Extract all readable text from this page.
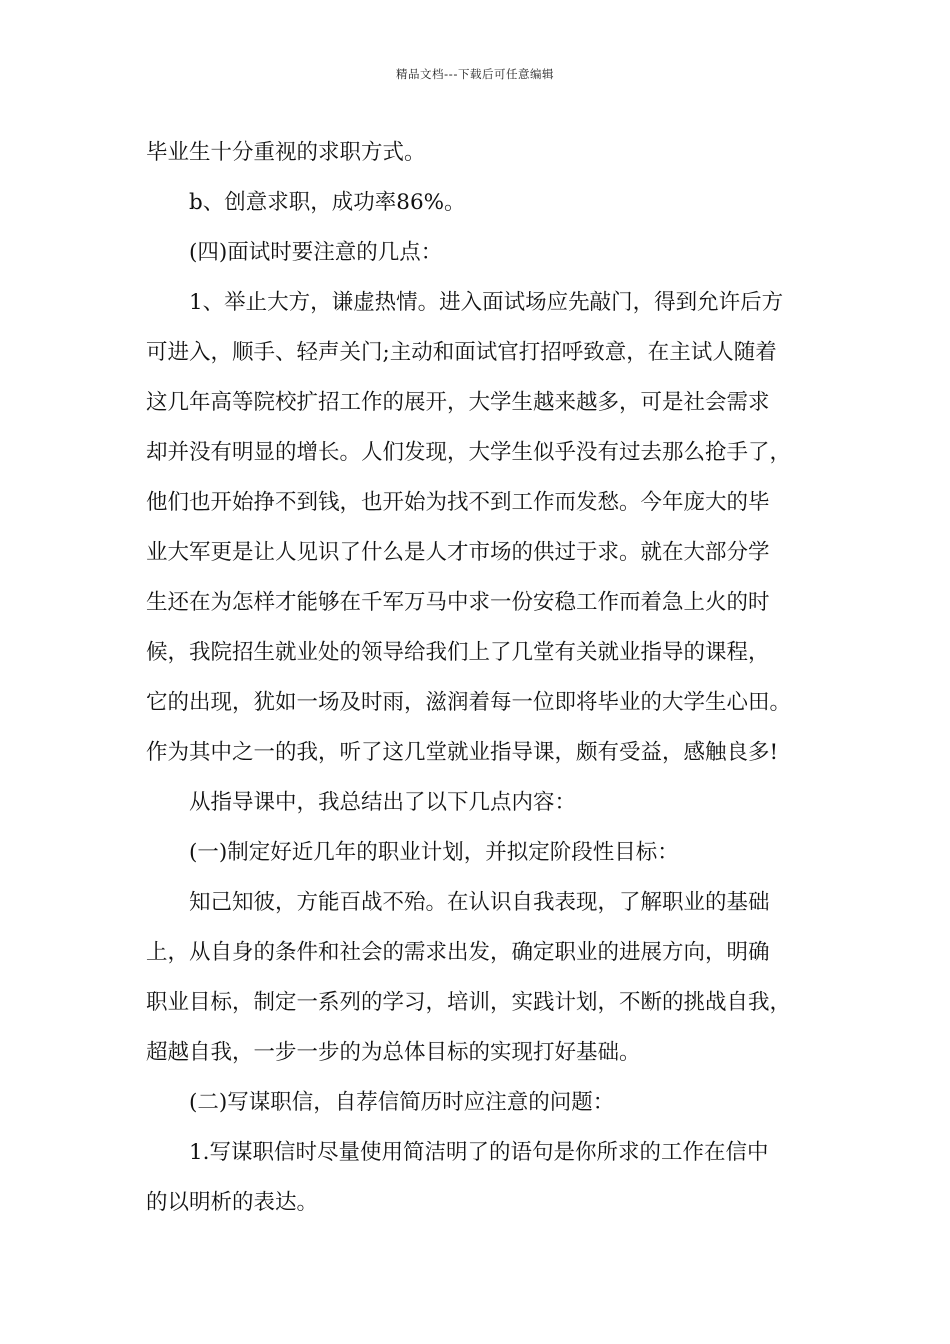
精品文档---下载后可任意编辑
毕业生十分重视的求职方式。
b、创意求职，成功率86%。
(四)面试时要注意的几点：
1、举止大方，谦虚热情。进入面试场应先敲门，得到允许后方
可进入，顺手、轻声关门;主动和面试官打招呼致意，在主试人随着
这几年高等院校扩招工作的展开，大学生越来越多，可是社会需求
却并没有明显的增长。人们发现，大学生似乎没有过去那么抢手了，
他们也开始挣不到钱，也开始为找不到工作而发愁。今年庞大的毕
业大军更是让人见识了什么是人才市场的供过于求。就在大部分学
生还在为怎样才能够在千军万马中求一份安稳工作而着急上火的时
候，我院招生就业处的领导给我们上了几堂有关就业指导的课程，
它的出现，犹如一场及时雨，滋润着每一位即将毕业的大学生心田。
作为其中之一的我，听了这几堂就业指导课，颇有受益，感触良多!
从指导课中，我总结出了以下几点内容：
(一)制定好近几年的职业计划，并拟定阶段性目标：
知己知彼，方能百战不殆。在认识自我表现，了解职业的基础
上，从自身的条件和社会的需求出发，确定职业的进展方向，明确
职业目标，制定一系列的学习，培训，实践计划，不断的挑战自我，
超越自我，一步一步的为总体目标的实现打好基础。
(二)写谋职信，自荐信简历时应注意的问题：
1.写谋职信时尽量使用简洁明了的语句是你所求的工作在信中
的以明析的表达。
